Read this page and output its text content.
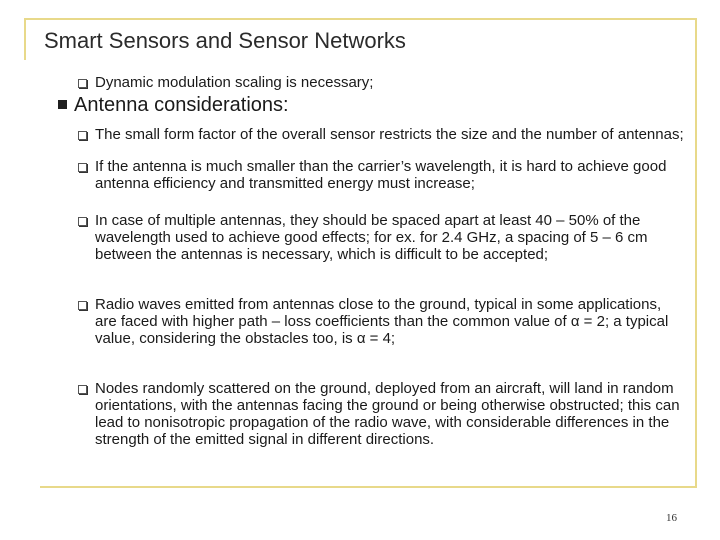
Smart Sensors and Sensor Networks
Dynamic modulation scaling is necessary;
Antenna considerations:
The small form factor of the overall sensor restricts the size and the number of antennas;
If the antenna is much smaller than the carrier’s wavelength, it is hard to achieve good antenna efficiency and transmitted energy must increase;
In case of multiple antennas, they should be spaced apart at least 40 – 50% of the wavelength used to achieve good effects; for ex. for 2.4 GHz, a spacing of 5 – 6 cm between the antennas is necessary, which is difficult to be accepted;
Radio waves emitted from antennas close to the ground, typical in some applications, are faced with higher path – loss coefficients than the common value of α = 2; a typical value, considering the obstacles too, is α = 4;
Nodes randomly scattered on the ground, deployed from an aircraft, will land in random orientations, with the antennas facing the ground or being otherwise obstructed; this can lead to nonisotropic propagation of the radio wave, with considerable differences in the strength of the emitted signal in different directions.
16
